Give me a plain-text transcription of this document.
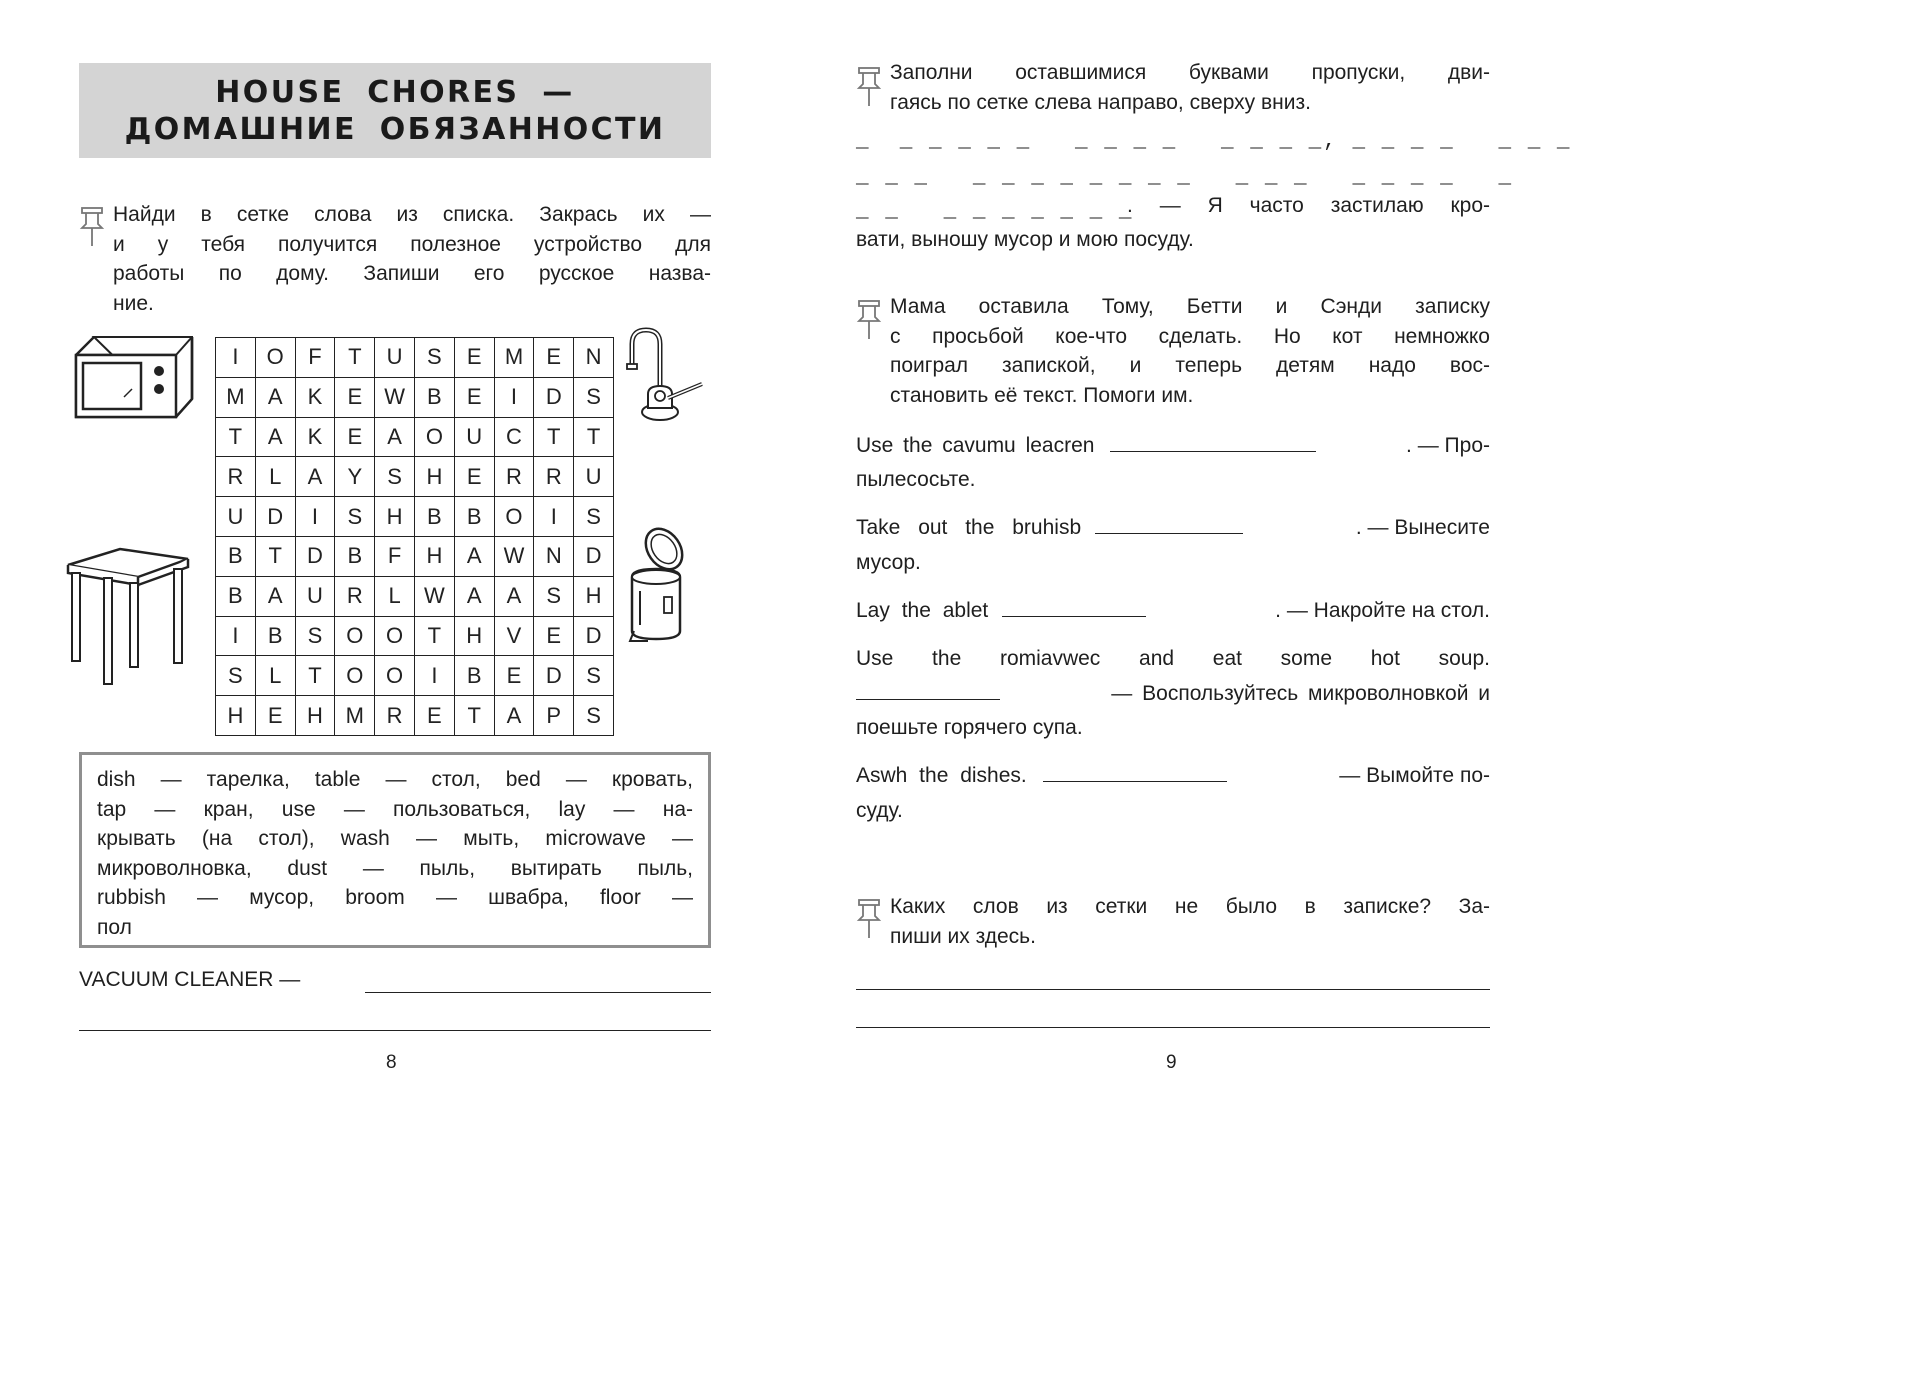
HOUSE CHORES —
ДОМАШНИЕ ОБЯЗАННОСТИ
Найди в сетке слова из списка. Закрась их —
и у тебя получится полезное устройство для
работы по дому. Запиши его русское назва-
ние.
I	O	F	T	U	S	E	M	E	N
M	A	K	E	W	B	E	I	D	S
T	A	K	E	A	O	U	C	T	T
R	L	A	Y	S	H	E	R	R	U
U	D	I	S	H	B	B	O	I	S
B	T	D	B	F	H	A	W	N	D
B	A	U	R	L	W	A	A	S	H
I	B	S	O	O	T	H	V	E	D
S	L	T	O	O	I	B	E	D	S
H	E	H	M	R	E	T	A	P	S
dish — тарелка, table — стол, bed — кровать,
tap — кран, use — пользоваться, lay — на-
крывать (на стол), wash — мыть, microwave —
микроволновка, dust — пыль, вытирать пыль,
rubbish — мусор, broom — швабра, floor —
пол
VACUUM CLEANER —
8
Заполни оставшимися буквами пропуски, дви-
гаясь по сетке слева направо, сверху вниз.
_  _ _ _ _ _   _ _ _ _   _ _ _ _, _ _ _ _   _ _ _
_ _ _   _ _ _ _ _ _ _ _   _ _ _   _ _ _ _   _
_ _   _ _ _ _ _ _ _
. — Я часто застилаю кро-
вати, выношу мусор и мою посуду.
Мама оставила Тому, Бетти и Сэнди записку
с просьбой кое-что сделать. Но кот немножко
поиграл запиской, и теперь детям надо вос-
становить её текст. Помоги им.
Use the cavumu leacren	. — Про-
пылесосьте.
Take out the bruhisb	. — Вынесите
мусор.
Lay the ablet	. — Накройте на стол.
Use the romiavwec and eat some hot soup.
— Воспользуйтесь микроволновкой и
поешьте горячего супа.
Aswh the dishes.	— Вымойте по-
суду.
Каких слов из сетки не было в записке? За-
пиши их здесь.
9
